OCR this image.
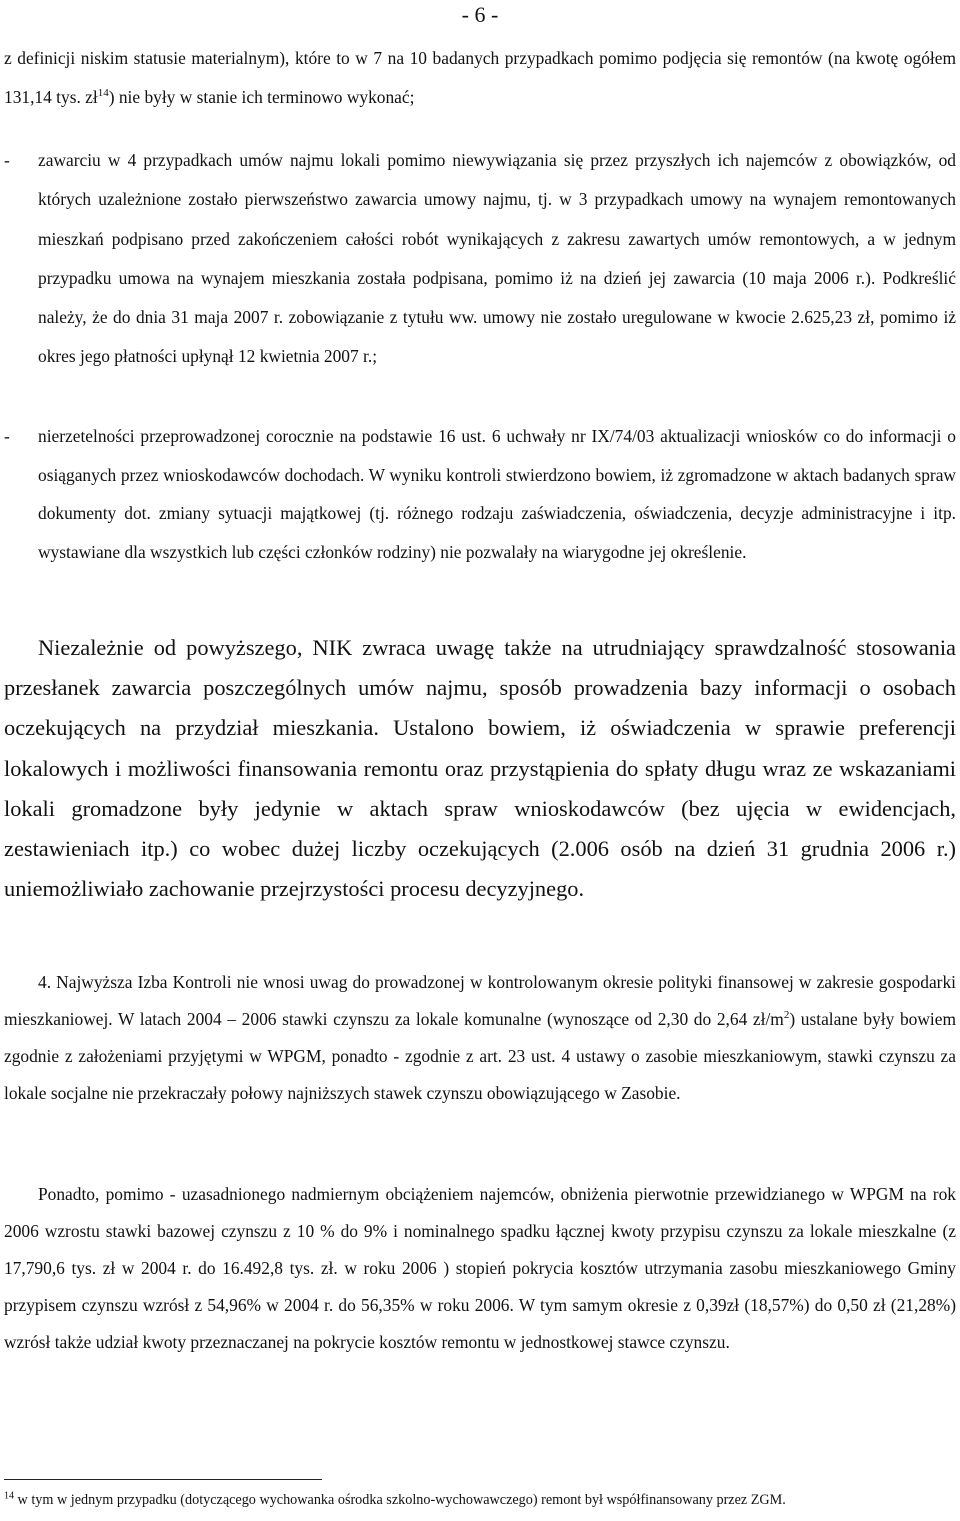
- 6 -
z definicji niskim statusie materialnym), które to w 7 na 10 badanych przypadkach pomimo podjęcia się remontów (na kwotę ogółem 131,14 tys. $zł^{14}$) nie były w stanie ich terminowo wykonać;
- zawarciu w 4 przypadkach umów najmu lokali pomimo niewywiązania się przez przyszłych ich najemców z obowiązków, od których uzależnione zostało pierwszeństwo zawarcia umowy najmu, tj. w 3 przypadkach umowy na wynajem remontowanych mieszkań podpisano przed zakończeniem całości robót wynikających z zakresu zawartych umów remontowych, a w jednym przypadku umowa na wynajem mieszkania została podpisana, pomimo iż na dzień jej zawarcia (10 maja 2006 r.). Podkreślić należy, że do dnia 31 maja 2007 r. zobowiązanie z tytułu ww. umowy nie zostało uregulowane w kwocie 2.625,23 zł, pomimo iż okres jego płatności upłynął 12 kwietnia 2007 r.;
- nierzetelności przeprowadzonej corocznie na podstawie 16 ust. 6 uchwały nr IX/74/03 aktualizacji wniosków co do informacji o osiąganych przez wnioskodawców dochodach. W wyniku kontroli stwierdzono bowiem, iż zgromadzone w aktach badanych spraw dokumenty dot. zmiany sytuacji majątkowej (tj. różnego rodzaju zaświadczenia, oświadczenia, decyzje administracyjne i itp. wystawiane dla wszystkich lub części członków rodziny) nie pozwalały na wiarygodne jej określenie.
Niezależnie od powyższego, NIK zwraca uwagę także na utrudniający sprawdzalność stosowania przesłanek zawarcia poszczególnych umów najmu, sposób prowadzenia bazy informacji o osobach oczekujących na przydział mieszkania. Ustalono bowiem, iż oświadczenia w sprawie preferencji lokalowych i możliwości finansowania remontu oraz przystąpienia do spłaty długu wraz ze wskazaniami lokali gromadzone były jedynie w aktach spraw wnioskodawców (bez ujęcia w ewidencjach, zestawieniach itp.) co wobec dużej liczby oczekujących (2.006 osób na dzień 31 grudnia 2006 r.) uniemożliwiało zachowanie przejrzystości procesu decyzyjnego.
4. Najwyższa Izba Kontroli nie wnosi uwag do prowadzonej w kontrolowanym okresie polityki finansowej w zakresie gospodarki mieszkaniowej. W latach 2004 – 2006 stawki czynszu za lokale komunalne (wynoszące od 2,30 do 2,64 $zł/m^2$) ustalane były bowiem zgodnie z założeniami przyjętymi w WPGM, ponadto - zgodnie z art. 23 ust. 4 ustawy o zasobie mieszkaniowym, stawki czynszu za lokale socjalne nie przekraczały połowy najniższych stawek czynszu obowiązującego w Zasobie.
Ponadto, pomimo - uzasadnionego nadmiernym obciążeniem najemców, obniżenia pierwotnie przewidzianego w WPGM na rok 2006 wzrostu stawki bazowej czynszu z 10 % do 9% i nominalnego spadku łącznej kwoty przypisu czynszu za lokale mieszkalne (z 17,790,6 tys. zł w 2004 r. do 16.492,8 tys. zł. w roku 2006 ) stopień pokrycia kosztów utrzymania zasobu mieszkaniowego Gminy przypisem czynszu wzrósł z 54,96% w 2004 r. do 56,35% w roku 2006. W tym samym okresie z 0,39zł (18,57%) do 0,50 zł (21,28%) wzrósł także udział kwoty przeznaczanej na pokrycie kosztów remontu w jednostkowej stawce czynszu.
$^{14}$ w tym w jednym przypadku (dotyczącego wychowanka ośrodka szkolno-wychowawczego) remont był współfinansowany przez ZGM.
